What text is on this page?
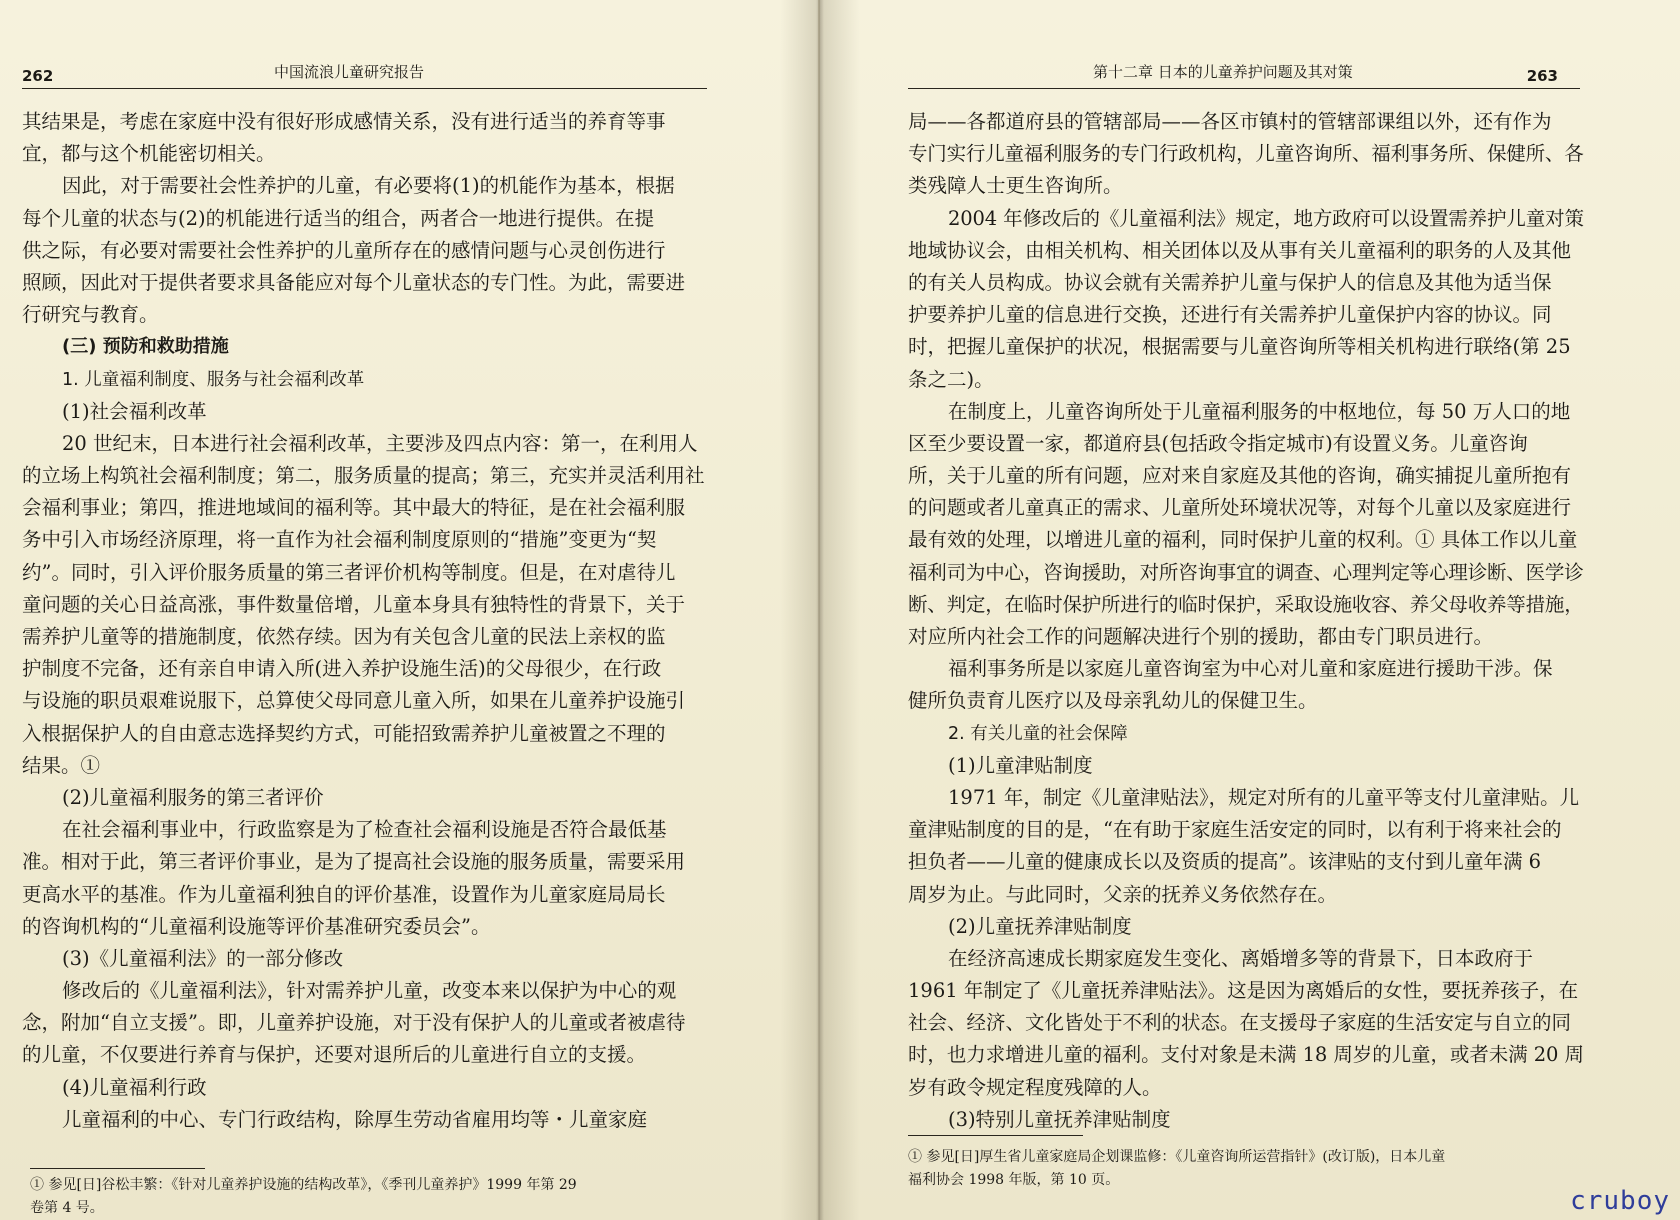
262	中国流浪儿童研究报告
其结果是，考虑在家庭中没有很好形成感情关系，没有进行适当的养育等事
宜，都与这个机能密切相关。
因此，对于需要社会性养护的儿童，有必要将(1)的机能作为基本，根据
每个儿童的状态与(2)的机能进行适当的组合，两者合一地进行提供。在提
供之际，有必要对需要社会性养护的儿童所存在的感情问题与心灵创伤进行
照顾，因此对于提供者要求具备能应对每个儿童状态的专门性。为此，需要进
行研究与教育。
(三) 预防和救助措施
1. 儿童福利制度、服务与社会福利改革
(1)社会福利改革
20 世纪末，日本进行社会福利改革，主要涉及四点内容：第一，在利用人
的立场上构筑社会福利制度；第二，服务质量的提高；第三，充实并灵活利用社
会福利事业；第四，推进地域间的福利等。其中最大的特征，是在社会福利服
务中引入市场经济原理，将一直作为社会福利制度原则的“措施”变更为“契
约”。同时，引入评价服务质量的第三者评价机构等制度。但是，在对虐待儿
童问题的关心日益高涨，事件数量倍增，儿童本身具有独特性的背景下，关于
需养护儿童等的措施制度，依然存续。因为有关包含儿童的民法上亲权的监
护制度不完备，还有亲自申请入所(进入养护设施生活)的父母很少，在行政
与设施的职员艰难说服下，总算使父母同意儿童入所，如果在儿童养护设施引
入根据保护人的自由意志选择契约方式，可能招致需养护儿童被置之不理的
结果。①
(2)儿童福利服务的第三者评价
在社会福利事业中，行政监察是为了检查社会福利设施是否符合最低基
准。相对于此，第三者评价事业，是为了提高社会设施的服务质量，需要采用
更高水平的基准。作为儿童福利独自的评价基准，设置作为儿童家庭局局长
的咨询机构的“儿童福利设施等评价基准研究委员会”。
(3)《儿童福利法》的一部分修改
修改后的《儿童福利法》，针对需养护儿童，改变本来以保护为中心的观
念，附加“自立支援”。即，儿童养护设施，对于没有保护人的儿童或者被虐待
的儿童，不仅要进行养育与保护，还要对退所后的儿童进行自立的支援。
(4)儿童福利行政
儿童福利的中心、专门行政结构，除厚生劳动省雇用均等・儿童家庭
① 参见[日]谷松丰繁：《针对儿童养护设施的结构改革》，《季刊儿童养护》1999 年第 29
卷第 4 号。
第十二章 日本的儿童养护问题及其对策	263
局——各都道府县的管辖部局——各区市镇村的管辖部课组以外，还有作为
专门实行儿童福利服务的专门行政机构，儿童咨询所、福利事务所、保健所、各
类残障人士更生咨询所。
2004 年修改后的《儿童福利法》规定，地方政府可以设置需养护儿童对策
地域协议会，由相关机构、相关团体以及从事有关儿童福利的职务的人及其他
的有关人员构成。协议会就有关需养护儿童与保护人的信息及其他为适当保
护要养护儿童的信息进行交换，还进行有关需养护儿童保护内容的协议。同
时，把握儿童保护的状况，根据需要与儿童咨询所等相关机构进行联络(第 25
条之二)。
在制度上，儿童咨询所处于儿童福利服务的中枢地位，每 50 万人口的地
区至少要设置一家，都道府县(包括政令指定城市)有设置义务。儿童咨询
所，关于儿童的所有问题，应对来自家庭及其他的咨询，确实捕捉儿童所抱有
的问题或者儿童真正的需求、儿童所处环境状况等，对每个儿童以及家庭进行
最有效的处理，以增进儿童的福利，同时保护儿童的权利。① 具体工作以儿童
福利司为中心，咨询援助，对所咨询事宜的调查、心理判定等心理诊断、医学诊
断、判定，在临时保护所进行的临时保护，采取设施收容、养父母收养等措施，
对应所内社会工作的问题解决进行个别的援助，都由专门职员进行。
福利事务所是以家庭儿童咨询室为中心对儿童和家庭进行援助干涉。保
健所负责育儿医疗以及母亲乳幼儿的保健卫生。
2. 有关儿童的社会保障
(1)儿童津贴制度
1971 年，制定《儿童津贴法》，规定对所有的儿童平等支付儿童津贴。儿
童津贴制度的目的是，“在有助于家庭生活安定的同时，以有利于将来社会的
担负者——儿童的健康成长以及资质的提高”。该津贴的支付到儿童年满 6
周岁为止。与此同时，父亲的抚养义务依然存在。
(2)儿童抚养津贴制度
在经济高速成长期家庭发生变化、离婚增多等的背景下，日本政府于
1961 年制定了《儿童抚养津贴法》。这是因为离婚后的女性，要抚养孩子，在
社会、经济、文化皆处于不利的状态。在支援母子家庭的生活安定与自立的同
时，也力求增进儿童的福利。支付对象是未满 18 周岁的儿童，或者未满 20 周
岁有政令规定程度残障的人。
(3)特别儿童抚养津贴制度
① 参见[日]厚生省儿童家庭局企划课监修：《儿童咨询所运营指针》(改订版)，日本儿童
福利协会 1998 年版，第 10 页。
cruboy
